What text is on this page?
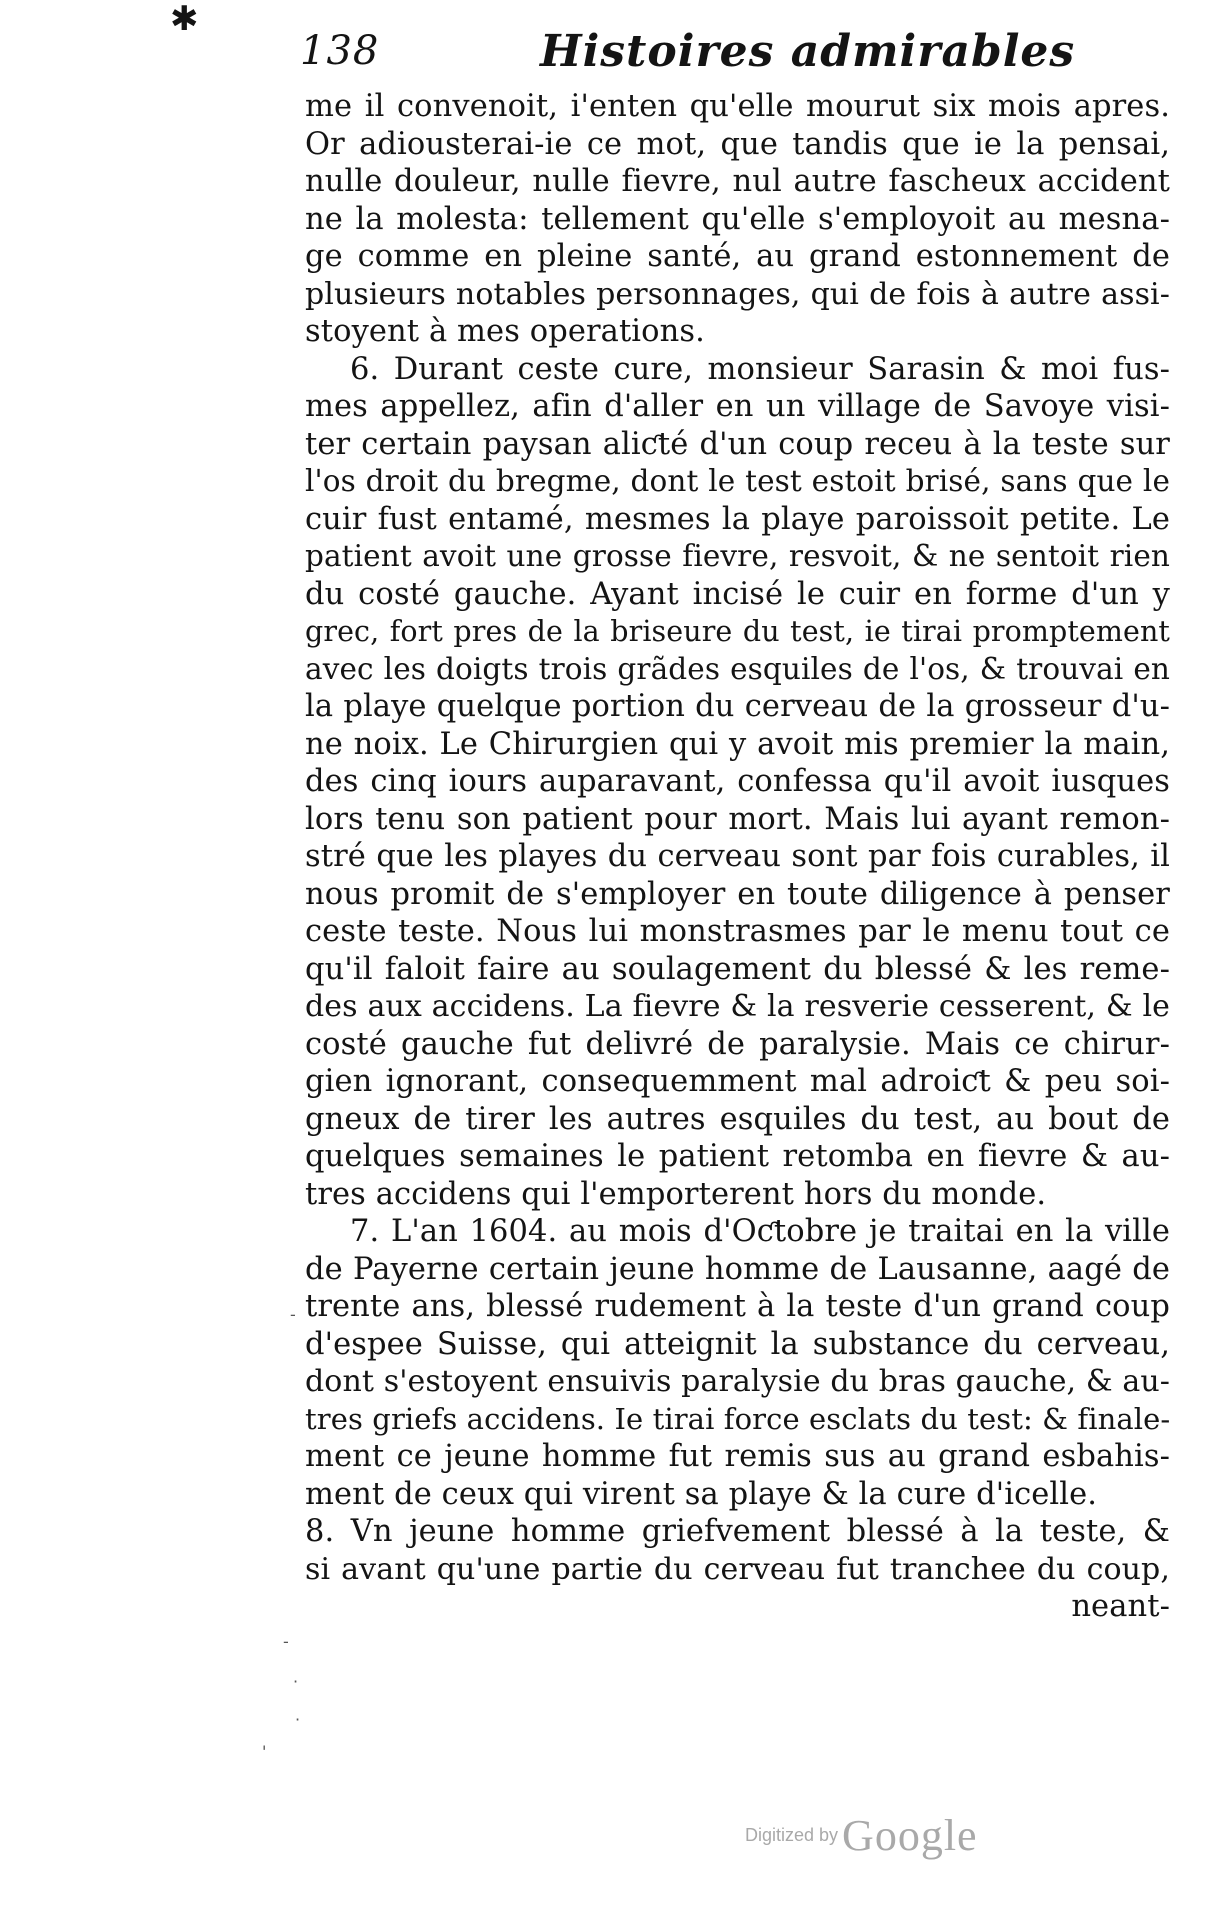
✱
138	Histoires admirables
me il convenoit, i'enten qu'elle mourut six mois apres.
Or adiousterai-ie ce mot, que tandis que ie la pensai,
nulle douleur, nulle fievre, nul autre fascheux accident
ne la molesta: tellement qu'elle s'employoit au mesna-
ge comme en pleine santé, au grand estonnement de
plusieurs notables personnages, qui de fois à autre assi-
stoyent à mes operations.
6. Durant ceste cure, monsieur Sarasin & moi fus-
mes appellez, afin d'aller en un village de Savoye visi-
ter certain paysan aliƈté d'un coup receu à la teste sur
l'os droit du bregme, dont le test estoit brisé, sans que le
cuir fust entamé, mesmes la playe paroissoit petite. Le
patient avoit une grosse fievre, resvoit, & ne sentoit rien
du costé gauche. Ayant incisé le cuir en forme d'un y
grec, fort pres de la briseure du test, ie tirai promptement
avec les doigts trois grãdes esquiles de l'os, & trouvai en
la playe quelque portion du cerveau de la grosseur d'u-
ne noix. Le Chirurgien qui y avoit mis premier la main,
des cinq iours auparavant, confessa qu'il avoit iusques
lors tenu son patient pour mort. Mais lui ayant remon-
stré que les playes du cerveau sont par fois curables, il
nous promit de s'employer en toute diligence à penser
ceste teste. Nous lui monstrasmes par le menu tout ce
qu'il faloit faire au soulagement du blessé & les reme-
des aux accidens. La fievre & la resverie cesserent, & le
costé gauche fut delivré de paralysie. Mais ce chirur-
gien ignorant, consequemment mal adroiƈt & peu soi-
gneux de tirer les autres esquiles du test, au bout de
quelques semaines le patient retomba en fievre & au-
tres accidens qui l'emporterent hors du monde.
7. L'an 1604. au mois d'Oƈtobre je traitai en la ville
de Payerne certain jeune homme de Lausanne, aagé de
trente ans, blessé rudement à la teste d'un grand coup
d'espee Suisse, qui atteignit la substance du cerveau,
dont s'estoyent ensuivis paralysie du bras gauche, & au-
tres griefs accidens. Ie tirai force esclats du test: & finale-
ment ce jeune homme fut remis sus au grand esbahis-
ment de ceux qui virent sa playe & la cure d'icelle.
8. Vn jeune homme griefvement blessé à la teste, &
si avant qu'une partie du cerveau fut tranchee du coup,
neant-
-
-
·
·
'
Digitized by Google
